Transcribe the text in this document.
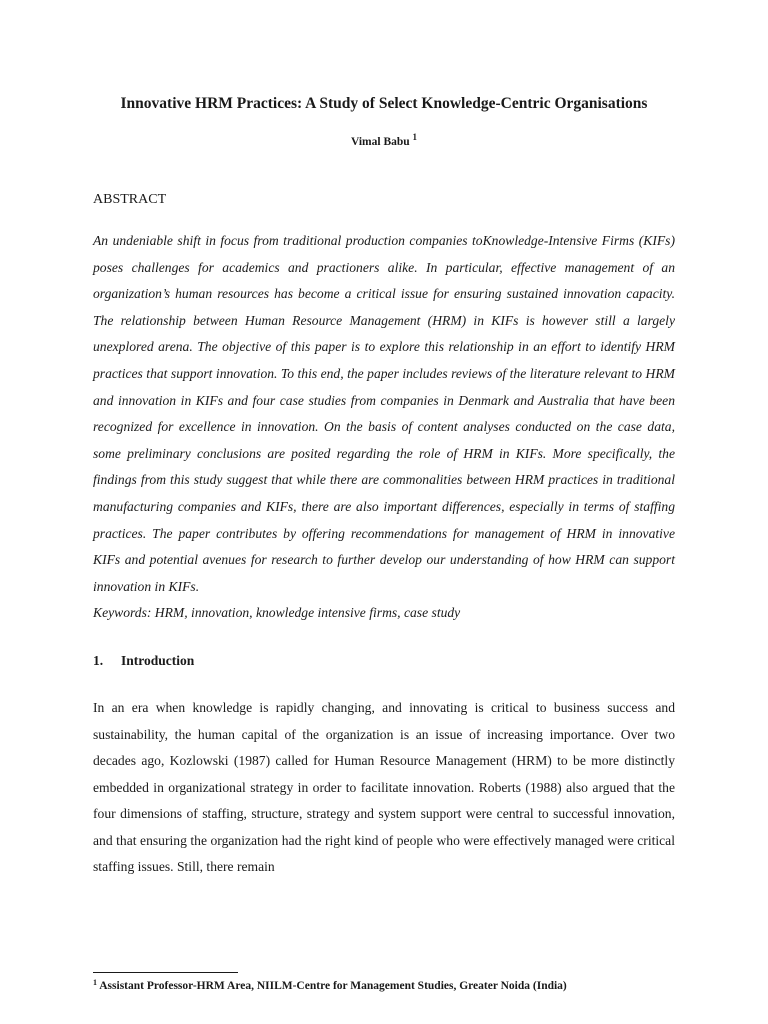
Innovative HRM Practices: A Study of Select Knowledge-Centric Organisations

Vimal Babu $^1$

ABSTRACT
An undeniable shift in focus from traditional production companies toKnowledge-Intensive Firms (KIFs) poses challenges for academics and practioners alike. In particular, effective management of an organization’s human resources has become a critical issue for ensuring sustained innovation capacity. The relationship between Human Resource Management (HRM) in KIFs is however still a largely unexplored arena. The objective of this paper is to explore this relationship in an effort to identify HRM practices that support innovation. To this end, the paper includes reviews of the literature relevant to HRM and innovation in KIFs and four case studies from companies in Denmark and Australia that have been recognized for excellence in innovation. On the basis of content analyses conducted on the case data, some preliminary conclusions are posited regarding the role of HRM in KIFs. More specifically, the findings from this study suggest that while there are commonalities between HRM practices in traditional manufacturing companies and KIFs, there are also important differences, especially in terms of staffing practices. The paper contributes by offering recommendations for management of HRM in innovative KIFs and potential avenues for research to further develop our understanding of how HRM can support innovation in KIFs.
Keywords: HRM, innovation, knowledge intensive firms, case study
1. Introduction

In an era when knowledge is rapidly changing, and innovating is critical to business success and sustainability, the human capital of the organization is an issue of increasing importance. Over two decades ago, Kozlowski (1987) called for Human Resource Management (HRM) to be more distinctly embedded in organizational strategy in order to facilitate innovation. Roberts (1988) also argued that the four dimensions of staffing, structure, strategy and system support were central to successful innovation, and that ensuring the organization had the right kind of people who were effectively managed were critical staffing issues. Still, there remain

$^1$ Assistant Professor-HRM Area, NIILM-Centre for Management Studies, Greater Noida (India)
